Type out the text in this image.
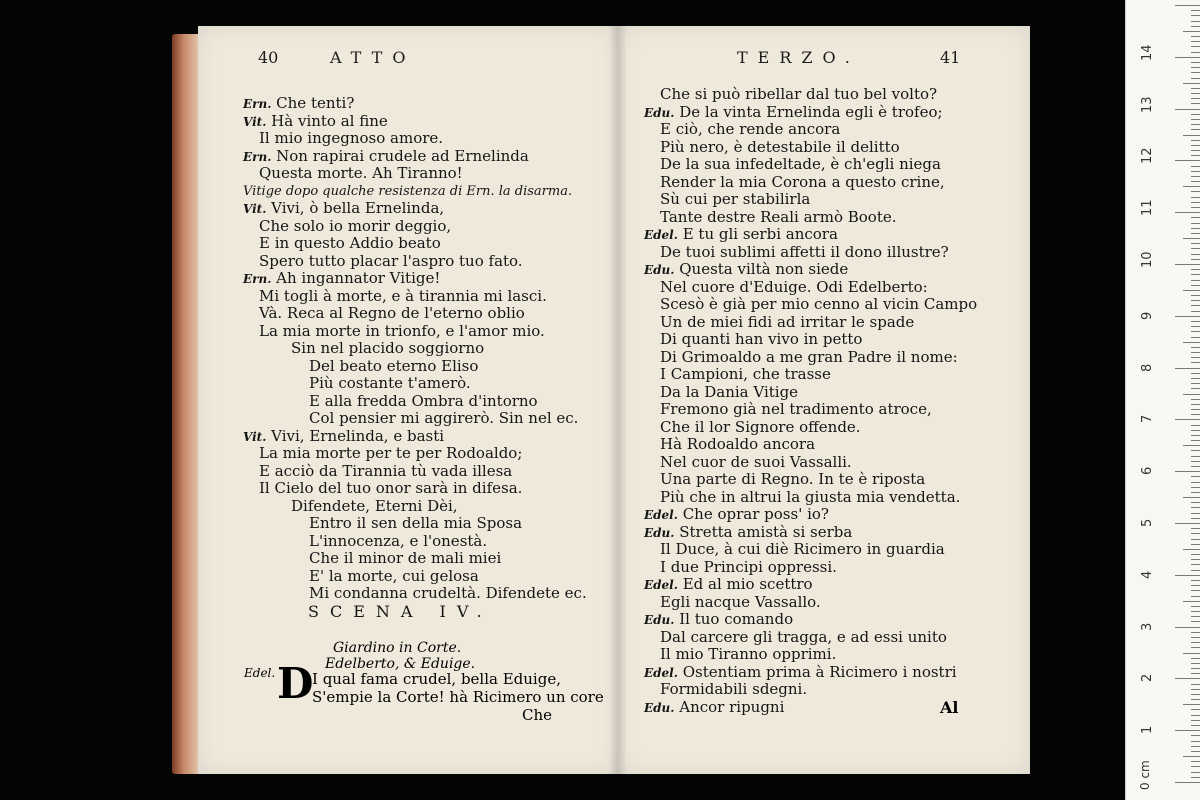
40	ATTO	TERZO.	41
Ern. Che tenti?
Vit. Hà vinto al fine
Il mio ingegnoso amore.
Ern. Non rapirai crudele ad Ernelinda
Questa morte. Ah Tiranno!
Vitige dopo qualche resistenza di Ern. la disarma.
Vit. Vivi, ò bella Ernelinda,
Che solo io morir deggio,
E in questo Addio beato
Spero tutto placar l'aspro tuo fato.
Ern. Ah ingannator Vitige!
Mi togli à morte, e à tirannia mi lasci.
Và. Reca al Regno de l'eterno oblio
La mia morte in trionfo, e l'amor mio.
Sin nel placido soggiorno
Del beato eterno Eliso
Più costante t'amerò.
E alla fredda Ombra d'intorno
Col pensier mi aggirerò. Sin nel ec.
Vit. Vivi, Ernelinda, e basti
La mia morte per te per Rodoaldo;
E acciò da Tirannia tù vada illesa
Il Cielo del tuo onor sarà in difesa.
Difendete, Eterni Dèi,
Entro il sen della mia Sposa
L'innocenza, e l'onestà.
Che il minor de mali miei
E' la morte, cui gelosa
Mi condanna crudeltà. Difendete ec.
SCENA IV.
Giardino in Corte.
Edelberto, & Eduige.
Edel. D
I qual fama crudel, bella Eduige,
S'empie la Corte! hà Ricimero un core
Che
Che si può ribellar dal tuo bel volto?
Edu. De la vinta Ernelinda egli è trofeo;
E ciò, che rende ancora
Più nero, è detestabile il delitto
De la sua infedeltade, è ch'egli niega
Render la mia Corona a questo crine,
Sù cui per stabilirla
Tante destre Reali armò Boote.
Edel. E tu gli serbi ancora
De tuoi sublimi affetti il dono illustre?
Edu. Questa viltà non siede
Nel cuore d'Eduige. Odi Edelberto:
Scesò è già per mio cenno al vicin Campo
Un de miei fidi ad irritar le spade
Di quanti han vivo in petto
Di Grimoaldo a me gran Padre il nome:
I Campioni, che trasse
Da la Dania Vitige
Fremono già nel tradimento atroce,
Che il lor Signore offende.
Hà Rodoaldo ancora
Nel cuor de suoi Vassalli.
Una parte di Regno. In te è riposta
Più che in altrui la giusta mia vendetta.
Edel. Che oprar poss' io?
Edu. Stretta amistà si serba
Il Duce, à cui diè Ricimero in guardia
I due Principi oppressi.
Edel. Ed al mio scettro
Egli nacque Vassallo.
Edu. Il tuo comando
Dal carcere gli tragga, e ad essi unito
Il mio Tiranno opprimi.
Edel. Ostentiam prima à Ricimero i nostri
Formidabili sdegni.
Edu. Ancor ripugni	Al
1
2
3
4
5
6
7
8
9
10
11
12
13
14
0 cm
